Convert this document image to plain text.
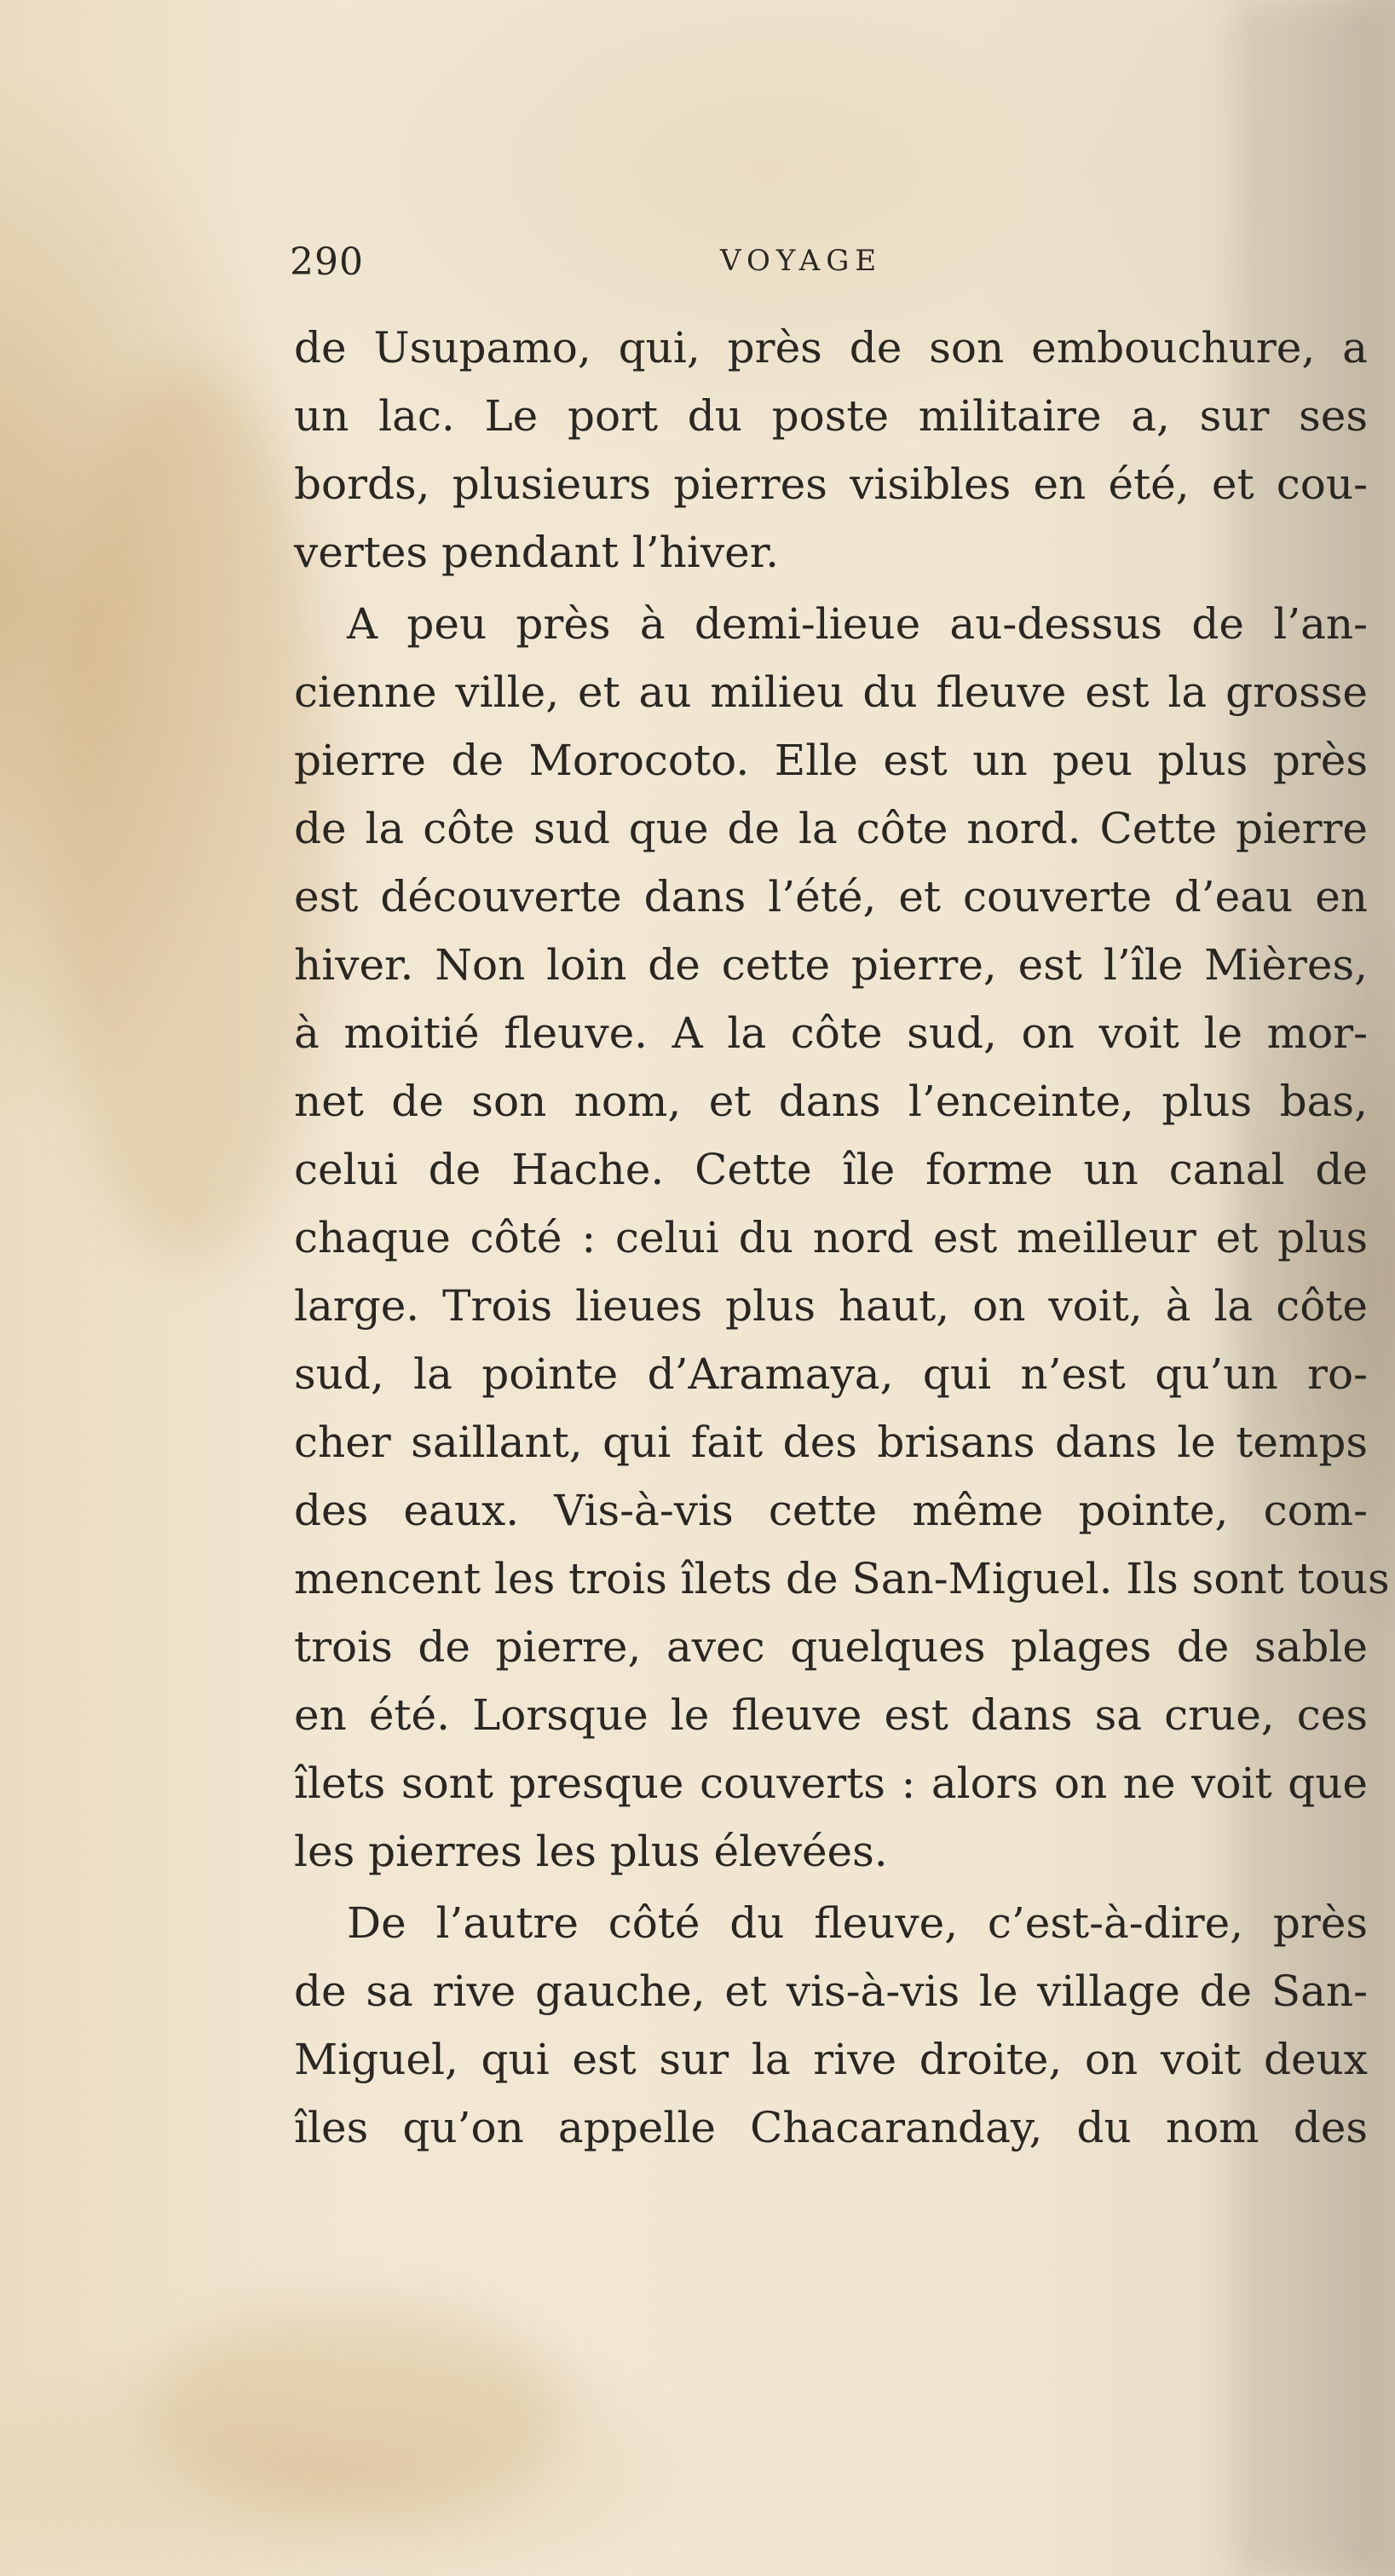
290	VOYAGE
de Usupamo, qui, près de son embouchure, a
un lac. Le port du poste militaire a, sur ses
bords, plusieurs pierres visibles en été, et cou-
vertes pendant l’hiver.
A peu près à demi-lieue au-dessus de l’an-
cienne ville, et au milieu du fleuve est la grosse
pierre de Morocoto. Elle est un peu plus près
de la côte sud que de la côte nord. Cette pierre
est découverte dans l’été, et couverte d’eau en
hiver. Non loin de cette pierre, est l’île Mières,
à moitié fleuve. A la côte sud, on voit le mor-
net de son nom, et dans l’enceinte, plus bas,
celui de Hache. Cette île forme un canal de
chaque côté : celui du nord est meilleur et plus
large. Trois lieues plus haut, on voit, à la côte
sud, la pointe d’Aramaya, qui n’est qu’un ro-
cher saillant, qui fait des brisans dans le temps
des eaux. Vis-à-vis cette même pointe, com-
mencent les trois îlets de San-Miguel. Ils sont tous
trois de pierre, avec quelques plages de sable
en été. Lorsque le fleuve est dans sa crue, ces
îlets sont presque couverts : alors on ne voit que
les pierres les plus élevées.
De l’autre côté du fleuve, c’est-à-dire, près
de sa rive gauche, et vis-à-vis le village de San-
Miguel, qui est sur la rive droite, on voit deux
îles qu’on appelle Chacaranday, du nom des
